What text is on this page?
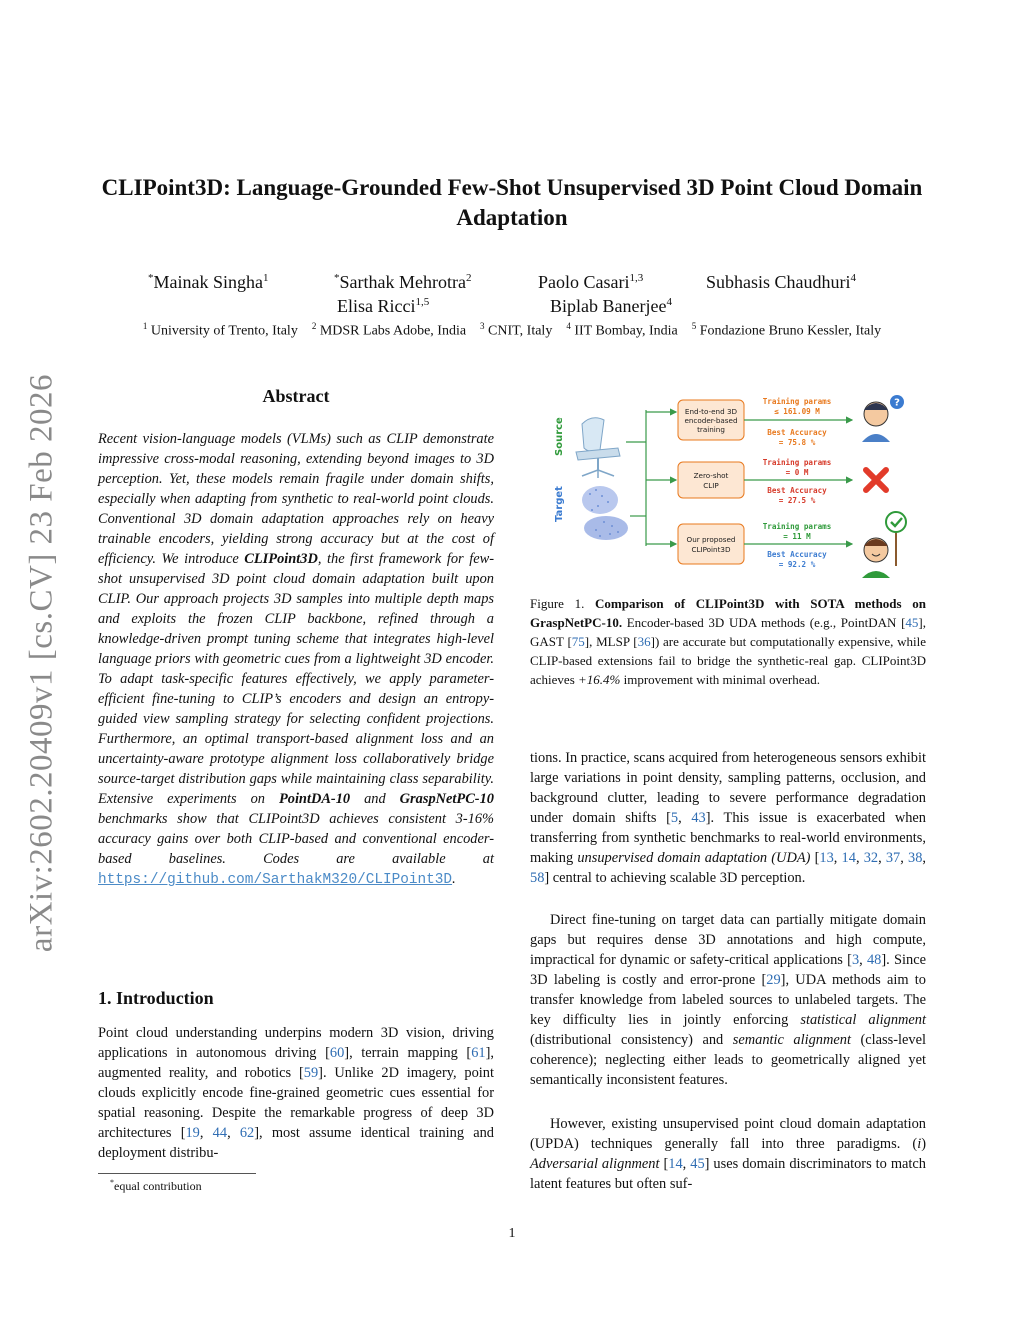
arXiv:2602.20409v1 [cs.CV] 23 Feb 2026
CLIPoint3D: Language-Grounded Few-Shot Unsupervised 3D Point Cloud Domain Adaptation
*Mainak Singha$^1$	*Sarthak Mehrotra$^2$	Paolo Casari$^{1,3}$	Subhasis Chaudhuri$^4$
Elisa Ricci$^{1,5}$	Biplab Banerjee$^4$
$^1$ University of Trento, Italy $^2$ MDSR Labs Adobe, India $^3$ CNIT, Italy $^4$ IIT Bombay, India $^5$ Fondazione Bruno Kessler, Italy
Abstract

Recent vision-language models (VLMs) such as CLIP demonstrate impressive cross-modal reasoning, extending beyond images to 3D perception. Yet, these models remain fragile under domain shifts, especially when adapting from synthetic to real-world point clouds. Conventional 3D domain adaptation approaches rely on heavy trainable encoders, yielding strong accuracy but at the cost of efficiency. We introduce CLIPoint3D, the first framework for few-shot unsupervised 3D point cloud domain adaptation built upon CLIP. Our approach projects 3D samples into multiple depth maps and exploits the frozen CLIP backbone, refined through a knowledge-driven prompt tuning scheme that integrates high-level language priors with geometric cues from a lightweight 3D encoder. To adapt task-specific features effectively, we apply parameter-efficient fine-tuning to CLIP’s encoders and design an entropy-guided view sampling strategy for selecting confident projections. Furthermore, an optimal transport-based alignment loss and an uncertainty-aware prototype alignment loss collaboratively bridge source-target distribution gaps while maintaining class separability. Extensive experiments on PointDA-10 and GraspNetPC-10 benchmarks show that CLIPoint3D achieves consistent 3-16% accuracy gains over both CLIP-based and conventional encoder-based baselines. Codes are available at https://github.com/SarthakM320/CLIPoint3D.

1. Introduction

Point cloud understanding underpins modern 3D vision, driving applications in autonomous driving [60], terrain mapping [61], augmented reality, and robotics [59]. Unlike 2D imagery, point clouds explicitly encode fine-grained geometric cues essential for spatial reasoning. Despite the remarkable progress of deep 3D architectures [19, 44, 62], most assume identical training and deployment distribu-

*equal contribution
Source
Target
End-to-end 3D
encoder-based
training
Zero-shot
CLIP
Our proposed
CLIPoint3D
Training params
≤ 161.09 M
Best Accuracy
= 75.8 %
Training params
= 0 M
Best Accuracy
= 27.5 %
Training params
= 11 M
Best Accuracy
= 92.2 %
?

Figure 1. Comparison of CLIPoint3D with SOTA methods on GraspNetPC-10. Encoder-based 3D UDA methods (e.g., PointDAN [45], GAST [75], MLSP [36]) are accurate but computationally expensive, while CLIP-based extensions fail to bridge the synthetic-real gap. CLIPoint3D achieves +16.4% improvement with minimal overhead.

tions. In practice, scans acquired from heterogeneous sensors exhibit large variations in point density, sampling patterns, occlusion, and background clutter, leading to severe performance degradation under domain shifts [5, 43]. This issue is exacerbated when transferring from synthetic benchmarks to real-world environments, making unsupervised domain adaptation (UDA) [13, 14, 32, 37, 38, 58] central to achieving scalable 3D perception.

Direct fine-tuning on target data can partially mitigate domain gaps but requires dense 3D annotations and high compute, impractical for dynamic or safety-critical applications [3, 48]. Since 3D labeling is costly and error-prone [29], UDA methods aim to transfer knowledge from labeled sources to unlabeled targets. The key difficulty lies in jointly enforcing statistical alignment (distributional consistency) and semantic alignment (class-level coherence); neglecting either leads to geometrically aligned yet semantically inconsistent features.

However, existing unsupervised point cloud domain adaptation (UPDA) techniques generally fall into three paradigms. (i) Adversarial alignment [14, 45] uses domain discriminators to match latent features but often suf-

1
